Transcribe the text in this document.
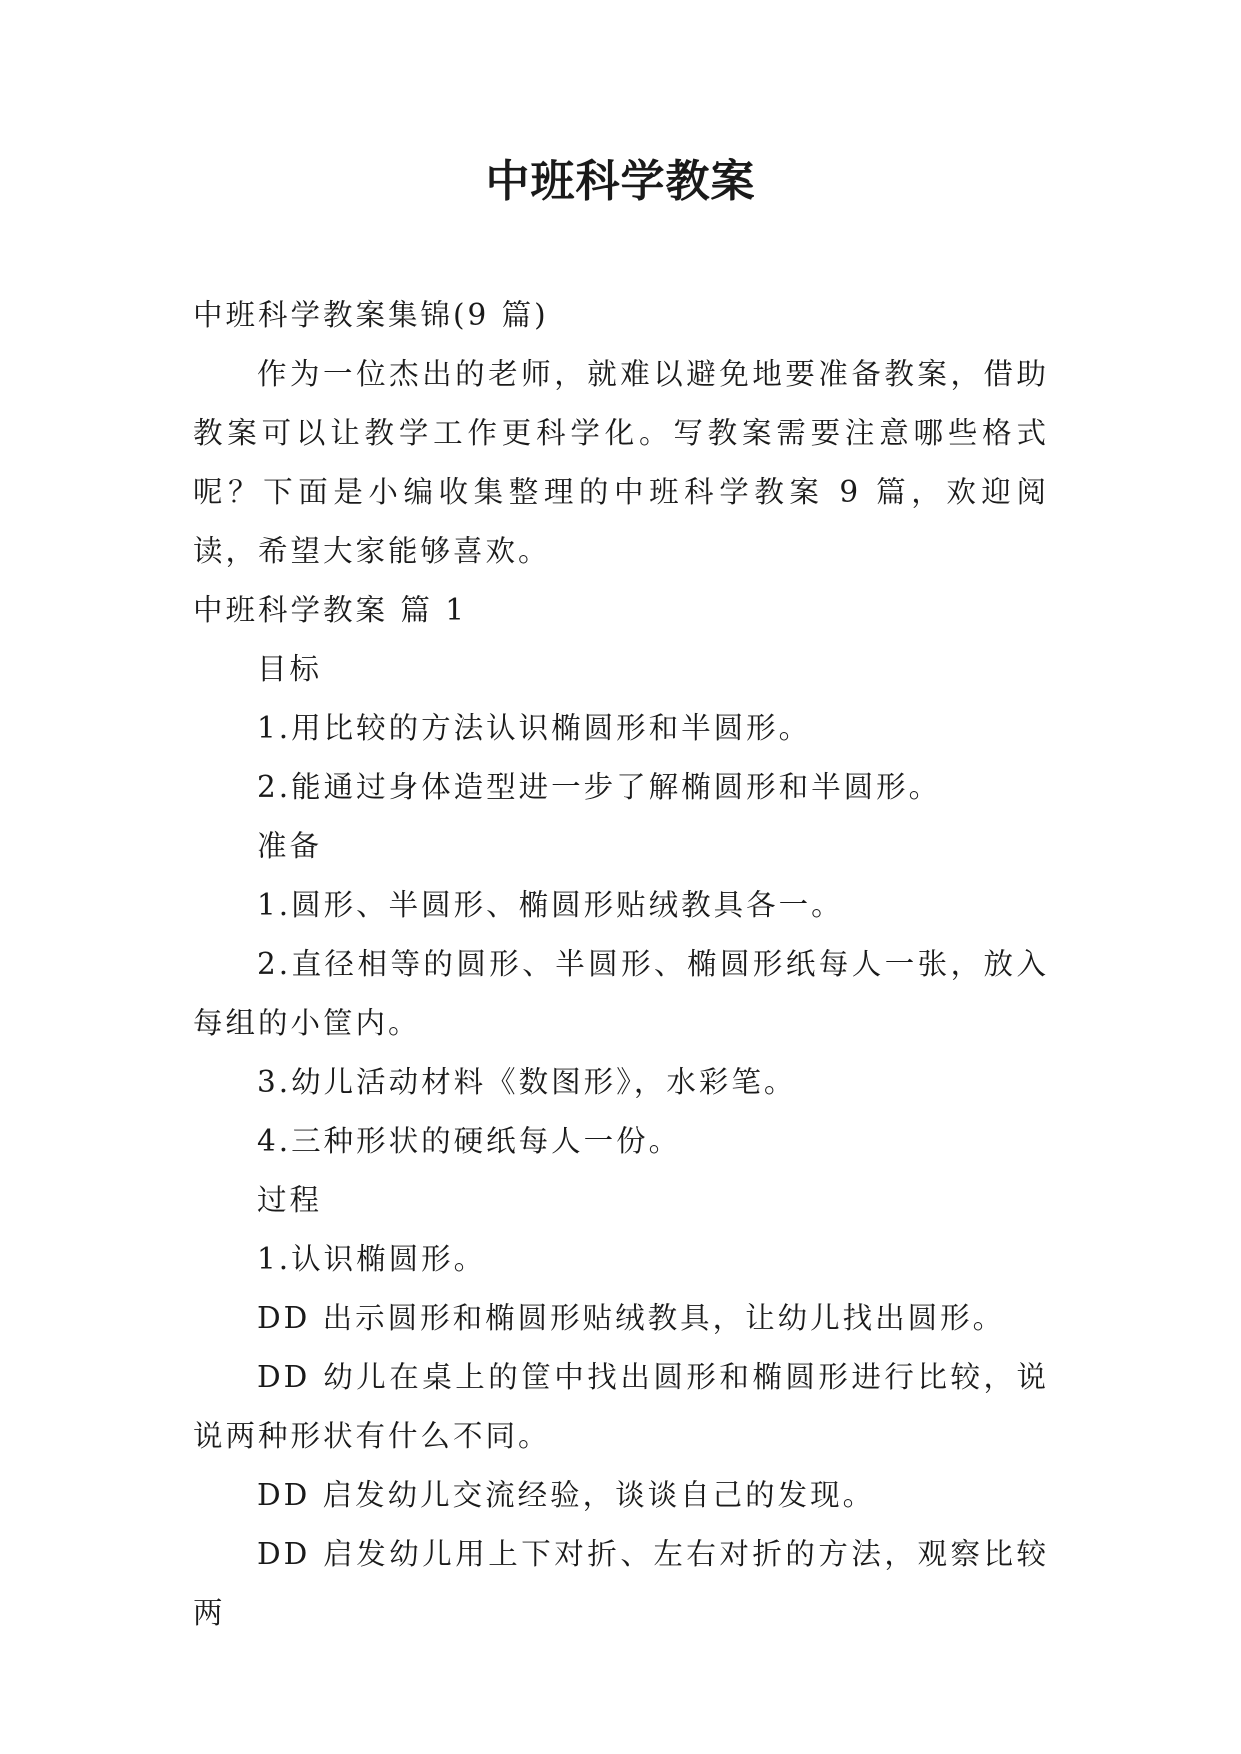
中班科学教案

中班科学教案集锦(9 篇)

作为一位杰出的老师，就难以避免地要准备教案，借助教案可以让教学工作更科学化。写教案需要注意哪些格式呢？下面是小编收集整理的中班科学教案 9 篇，欢迎阅读，希望大家能够喜欢。

中班科学教案 篇 1

目标

1.用比较的方法认识椭圆形和半圆形。

2.能通过身体造型进一步了解椭圆形和半圆形。

准备

1.圆形、半圆形、椭圆形贴绒教具各一。

2.直径相等的圆形、半圆形、椭圆形纸每人一张，放入每组的小筐内。

3.幼儿活动材料《数图形》，水彩笔。

4.三种形状的硬纸每人一份。

过程

1.认识椭圆形。

DD 出示圆形和椭圆形贴绒教具，让幼儿找出圆形。

DD 幼儿在桌上的筐中找出圆形和椭圆形进行比较，说说两种形状有什么不同。

DD 启发幼儿交流经验，谈谈自己的发现。

DD 启发幼儿用上下对折、左右对折的方法，观察比较两
